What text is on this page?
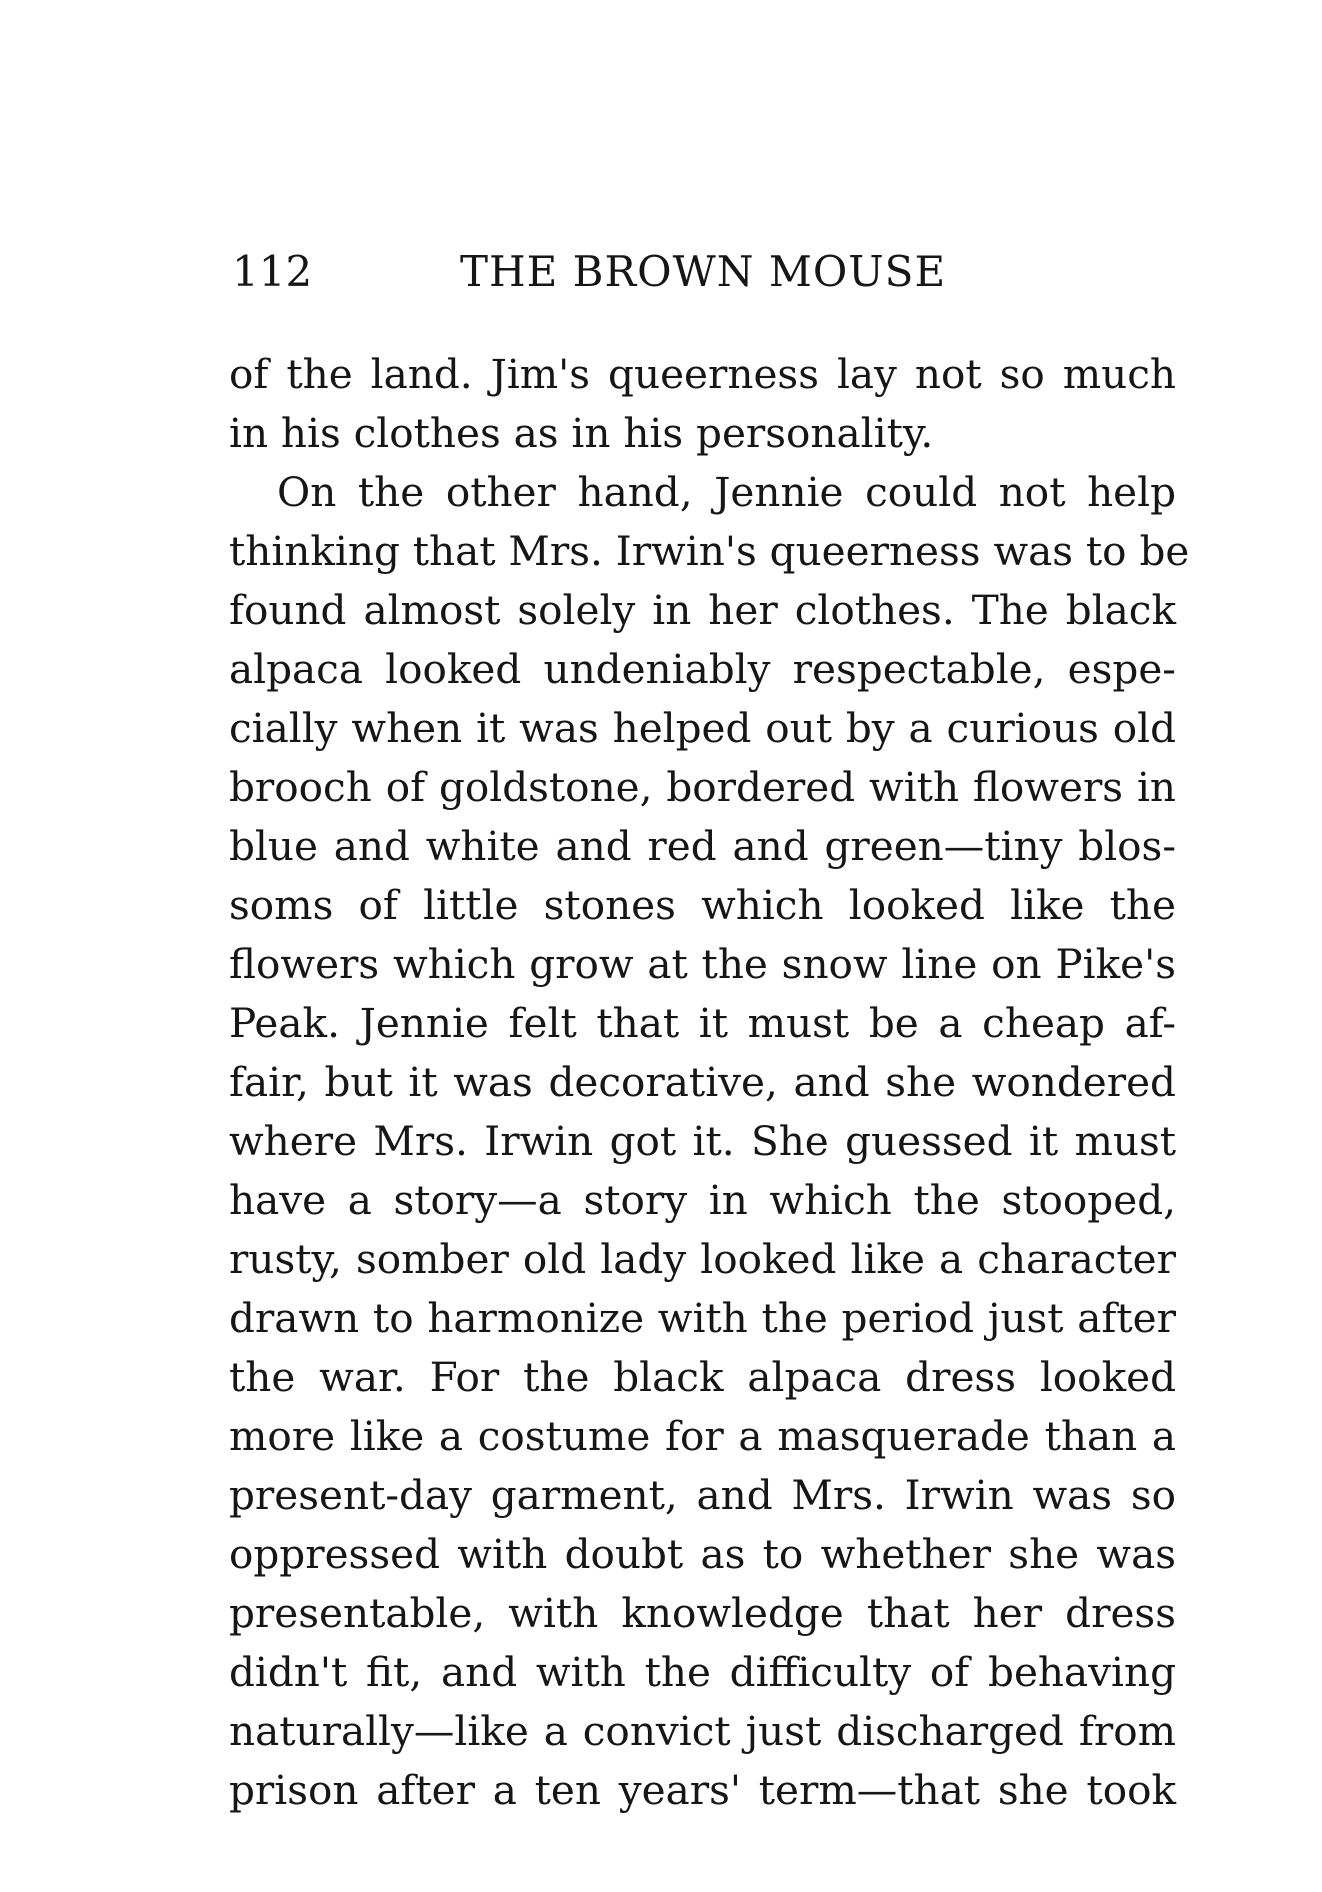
112	THE BROWN MOUSE
of the land. Jim's queerness lay not so much
in his clothes as in his personality.
On the other hand, Jennie could not help
thinking that Mrs. Irwin's queerness was to be
found almost solely in her clothes. The black
alpaca looked undeniably respectable, espe-
cially when it was helped out by a curious old
brooch of goldstone, bordered with flowers in
blue and white and red and green—tiny blos-
soms of little stones which looked like the
flowers which grow at the snow line on Pike's
Peak. Jennie felt that it must be a cheap af-
fair, but it was decorative, and she wondered
where Mrs. Irwin got it. She guessed it must
have a story—a story in which the stooped,
rusty, somber old lady looked like a character
drawn to harmonize with the period just after
the war. For the black alpaca dress looked
more like a costume for a masquerade than a
present-day garment, and Mrs. Irwin was so
oppressed with doubt as to whether she was
presentable, with knowledge that her dress
didn't fit, and with the difficulty of behaving
naturally—like a convict just discharged from
prison after a ten years' term—that she took
